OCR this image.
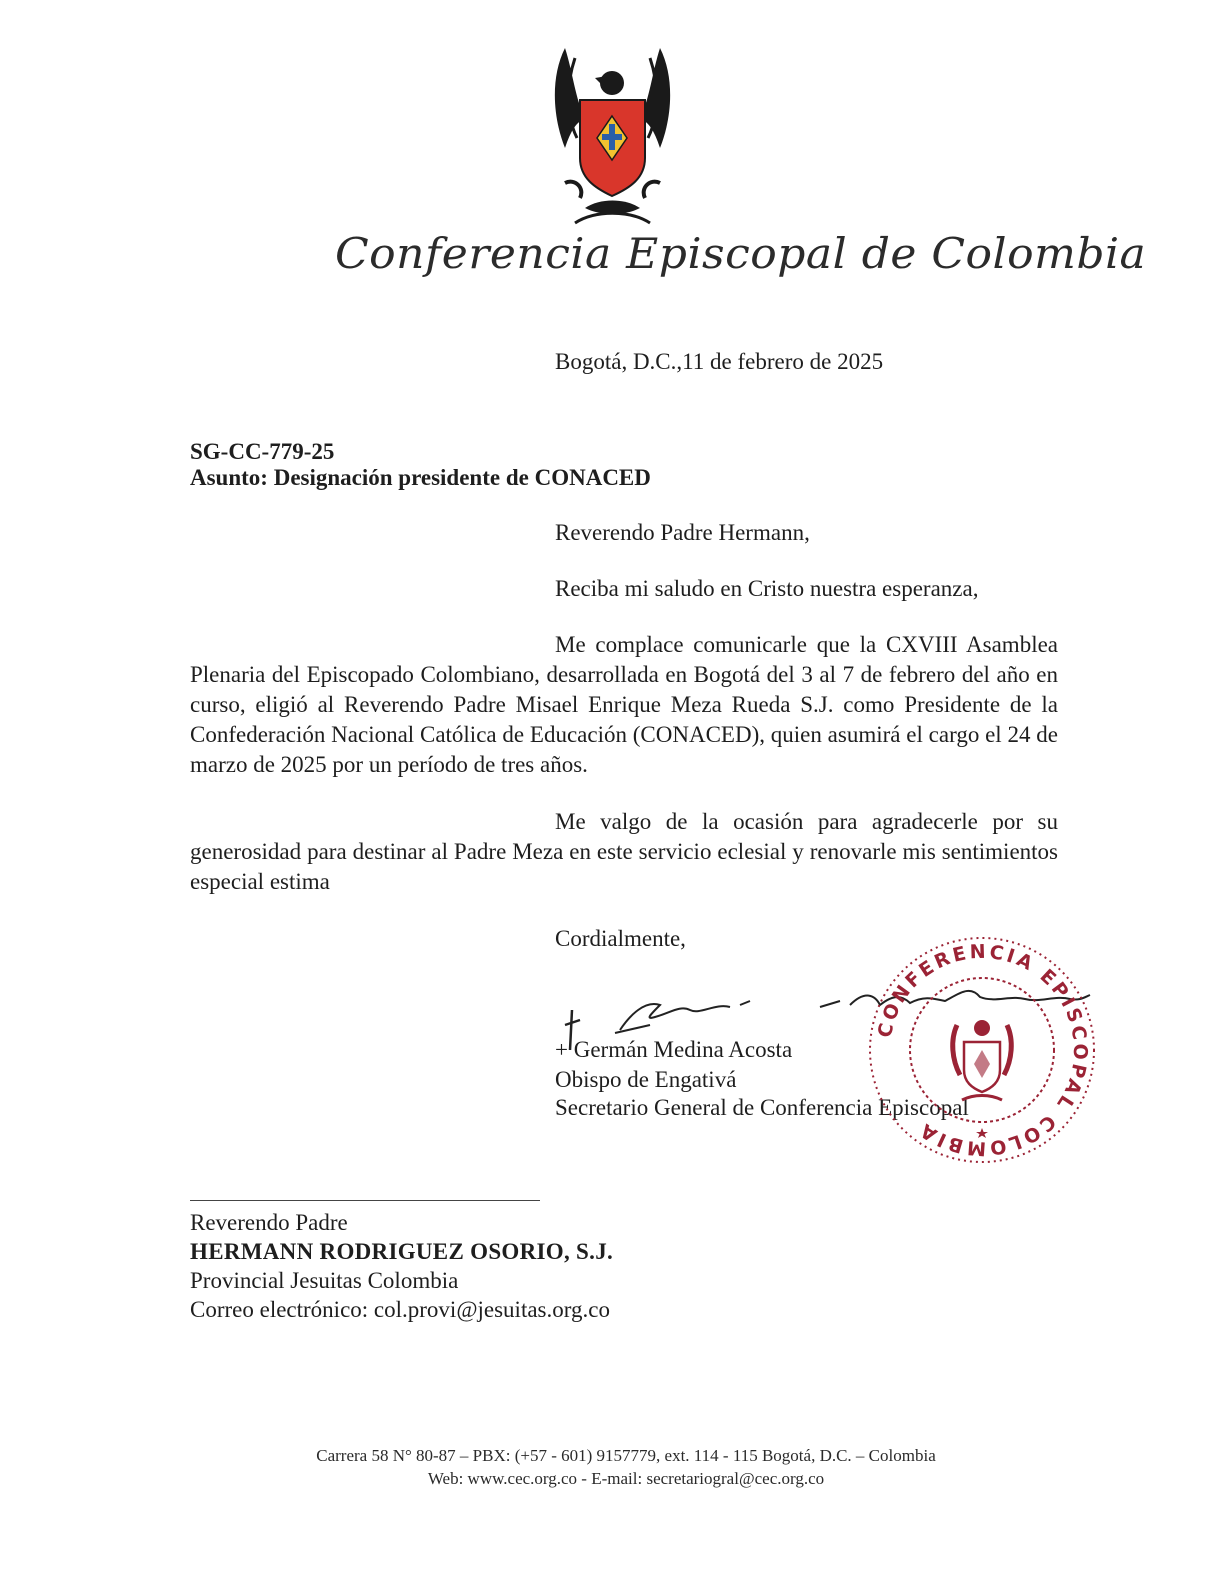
Conferencia Episcopal de Colombia
Bogotá, D.C.,11 de febrero de 2025
SG-CC-779-25
Asunto: Designación presidente de CONACED
Reverendo Padre Hermann,
Reciba mi saludo en Cristo nuestra esperanza,
Me complace comunicarle que la CXVIII Asamblea Plenaria del Episcopado Colombiano, desarrollada en Bogotá del 3 al 7 de febrero del año en curso, eligió al Reverendo Padre Misael Enrique Meza Rueda S.J. como Presidente de la Confederación Nacional Católica de Educación (CONACED), quien asumirá el cargo el 24 de marzo de 2025 por un período de tres años.
Me valgo de la ocasión para agradecerle por su generosidad para destinar al Padre Meza en este servicio eclesial y renovarle mis sentimientos especial estima
Cordialmente,
+ Germán Medina Acosta
Obispo de Engativá
Secretario General de Conferencia Episcopal
CONFERENCIA EPISCOPAL COLOMBIA
Reverendo Padre
HERMANN RODRIGUEZ OSORIO, S.J.
Provincial Jesuitas Colombia
Correo electrónico: col.provi@jesuitas.org.co
Carrera 58 N° 80-87 – PBX: (+57 - 601) 9157779, ext. 114 - 115 Bogotá, D.C. – Colombia
Web: www.cec.org.co - E-mail: secretariogral@cec.org.co
